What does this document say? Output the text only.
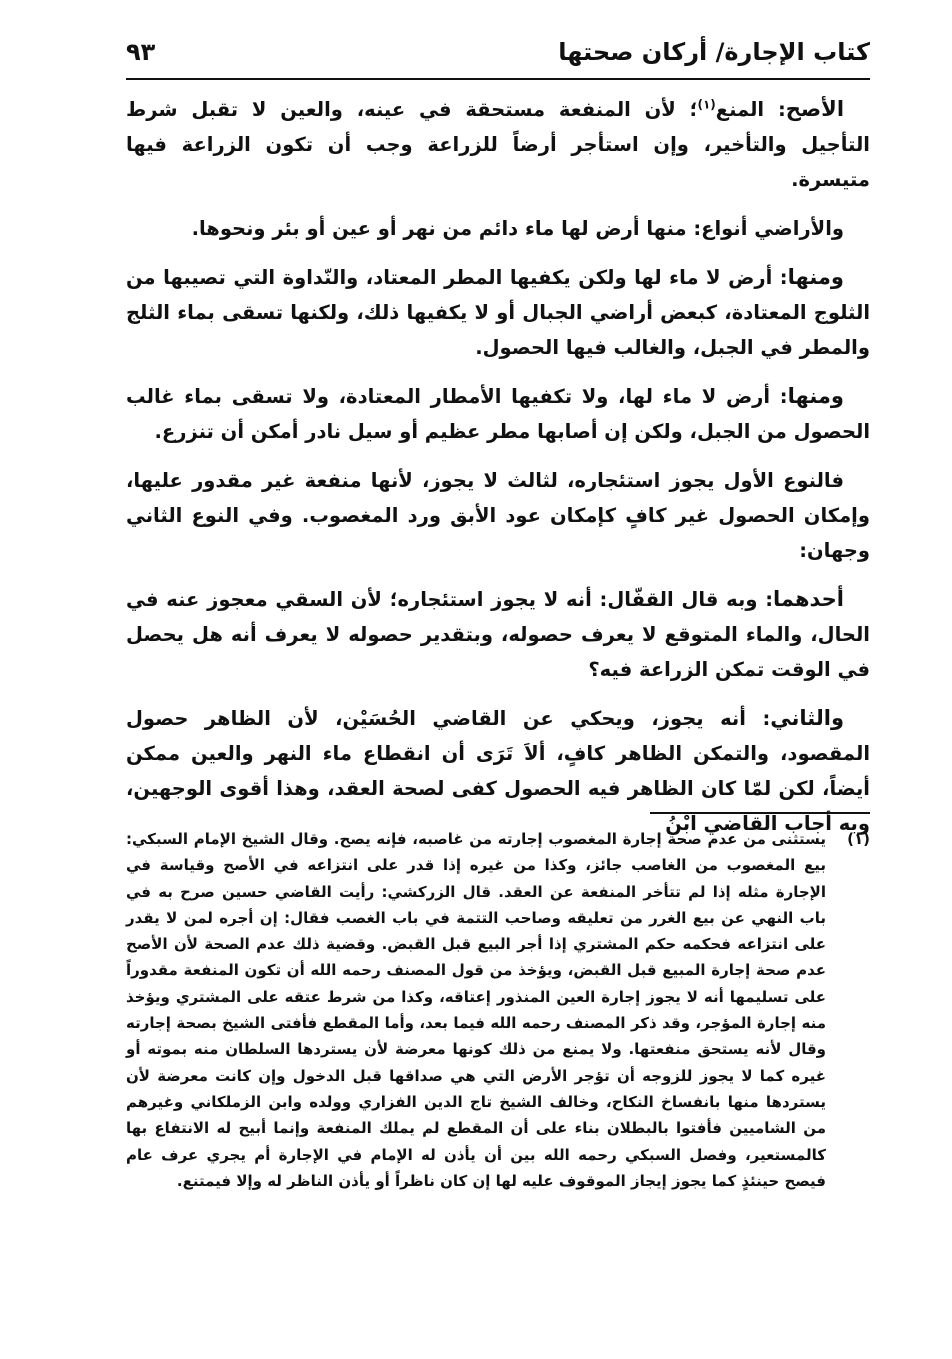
كتاب الإجارة/ أركان صحتها
٩٣

الأصح: المنع$^{(١)}$؛ لأن المنفعة مستحقة في عينه، والعين لا تقبل شرط التأجيل والتأخير، وإن استأجر أرضاً للزراعة وجب أن تكون الزراعة فيها متيسرة.

والأراضي أنواع: منها أرض لها ماء دائم من نهر أو عين أو بئر ونحوها.

ومنها: أرض لا ماء لها ولكن يكفيها المطر المعتاد، والنّداوة التي تصيبها من الثلوج المعتادة، كبعض أراضي الجبال أو لا يكفيها ذلك، ولكنها تسقى بماء الثلج والمطر في الجبل، والغالب فيها الحصول.

ومنها: أرض لا ماء لها، ولا تكفيها الأمطار المعتادة، ولا تسقى بماء غالب الحصول من الجبل، ولكن إن أصابها مطر عظيم أو سيل نادر أمكن أن تنزرع.

فالنوع الأول يجوز استئجاره، لثالث لا يجوز، لأنها منفعة غير مقدور عليها، وإمكان الحصول غير كافٍ كإمكان عود الأبق ورد المغصوب. وفي النوع الثاني وجهان:

أحدهما: وبه قال القفّال: أنه لا يجوز استئجاره؛ لأن السقي معجوز عنه في الحال، والماء المتوقع لا يعرف حصوله، وبتقدير حصوله لا يعرف أنه هل يحصل في الوقت تمكن الزراعة فيه؟

والثاني: أنه يجوز، ويحكي عن القاضي الحُسَيْن، لأن الظاهر حصول المقصود، والتمكن الظاهر كافٍ، ألاَ تَرَى أن انقطاع ماء النهر والعين ممكن أيضاً، لكن لمّا كان الظاهر فيه الحصول كفى لصحة العقد، وهذا أقوى الوجهين، وبه أجاب القاضي ابْنُ

(١)
يستثنى من عدم صحة إجارة المغصوب إجارته من غاصبه، فإنه يصح. وقال الشيخ الإمام السبكي: بيع المغصوب من الغاصب جائز، وكذا من غيره إذا قدر على انتزاعه في الأصح وقياسة في الإجارة مثله إذا لم تتأخر المنفعة عن العقد. قال الزركشي: رأيت القاضي حسين صرح به في باب النهي عن بيع الغرر من تعليقه وصاحب التتمة في باب الغصب فقال: إن أجره لمن لا يقدر على انتزاعه فحكمه حكم المشتري إذا أجر البيع قبل القبض. وقضية ذلك عدم الصحة لأن الأصح عدم صحة إجارة المبيع قبل القبض، ويؤخذ من قول المصنف رحمه الله أن تكون المنفعة مقدوراً على تسليمها أنه لا يجوز إجارة العين المنذور إعتاقه، وكذا من شرط عتقه على المشتري ويؤخذ منه إجارة المؤجر، وقد ذكر المصنف رحمه الله فيما بعد، وأما المقطع فأفتى الشيخ بصحة إجارته وقال لأنه يستحق منفعتها. ولا يمنع من ذلك كونها معرضة لأن يستردها السلطان منه بموته أو غيره كما لا يجوز للزوجه أن تؤجر الأرض التي هي صداقها قبل الدخول وإن كانت معرضة لأن يستردها منها بانفساخ النكاح، وخالف الشيخ تاج الدين الفزاري وولده وابن الزملكاني وغيرهم من الشاميين فأفتوا بالبطلان بناء على أن المقطع لم يملك المنفعة وإنما أبيح له الانتفاع بها كالمستعير، وفصل السبكي رحمه الله بين أن يأذن له الإمام في الإجارة أم يجري عرف عام فيصح حينئذٍ كما يجوز إيجاز الموقوف عليه لها إن كان ناظراً أو يأذن الناظر له وإلا فيمتنع.
